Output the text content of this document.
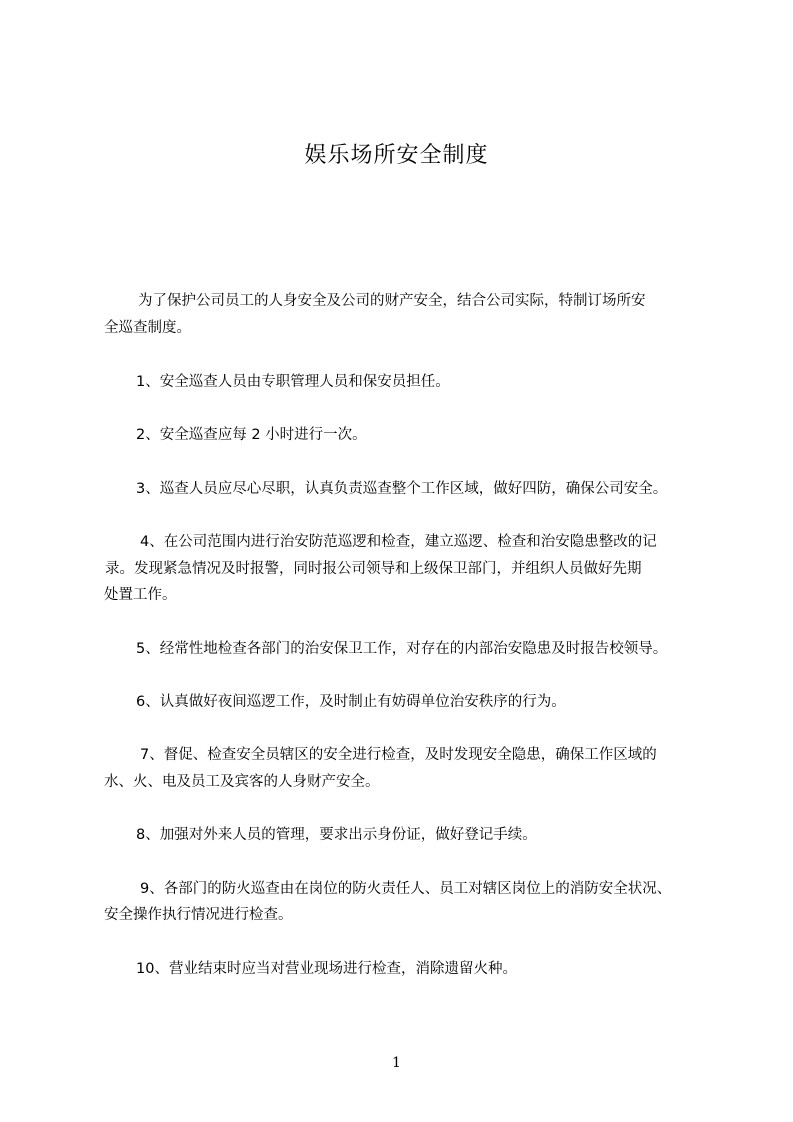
娱乐场所安全制度
为了保护公司员工的人身安全及公司的财产安全，结合公司实际，特制订场所安
全巡查制度。
1、安全巡查人员由专职管理人员和保安员担任。
2、安全巡查应每 2 小时进行一次。
3、巡查人员应尽心尽职，认真负责巡查整个工作区域，做好四防，确保公司安全。
4、在公司范围内进行治安防范巡逻和检查，建立巡逻、检查和治安隐患整改的记
录。发现紧急情况及时报警，同时报公司领导和上级保卫部门，并组织人员做好先期
处置工作。
5、经常性地检查各部门的治安保卫工作，对存在的内部治安隐患及时报告校领导。
6、认真做好夜间巡逻工作，及时制止有妨碍单位治安秩序的行为。
7、督促、检查安全员辖区的安全进行检查，及时发现安全隐患，确保工作区域的
水、火、电及员工及宾客的人身财产安全。
8、加强对外来人员的管理，要求出示身份证，做好登记手续。
9、各部门的防火巡查由在岗位的防火责任人、员工对辖区岗位上的消防安全状况、
安全操作执行情况进行检查。
10、营业结束时应当对营业现场进行检查，消除遗留火种。
1
